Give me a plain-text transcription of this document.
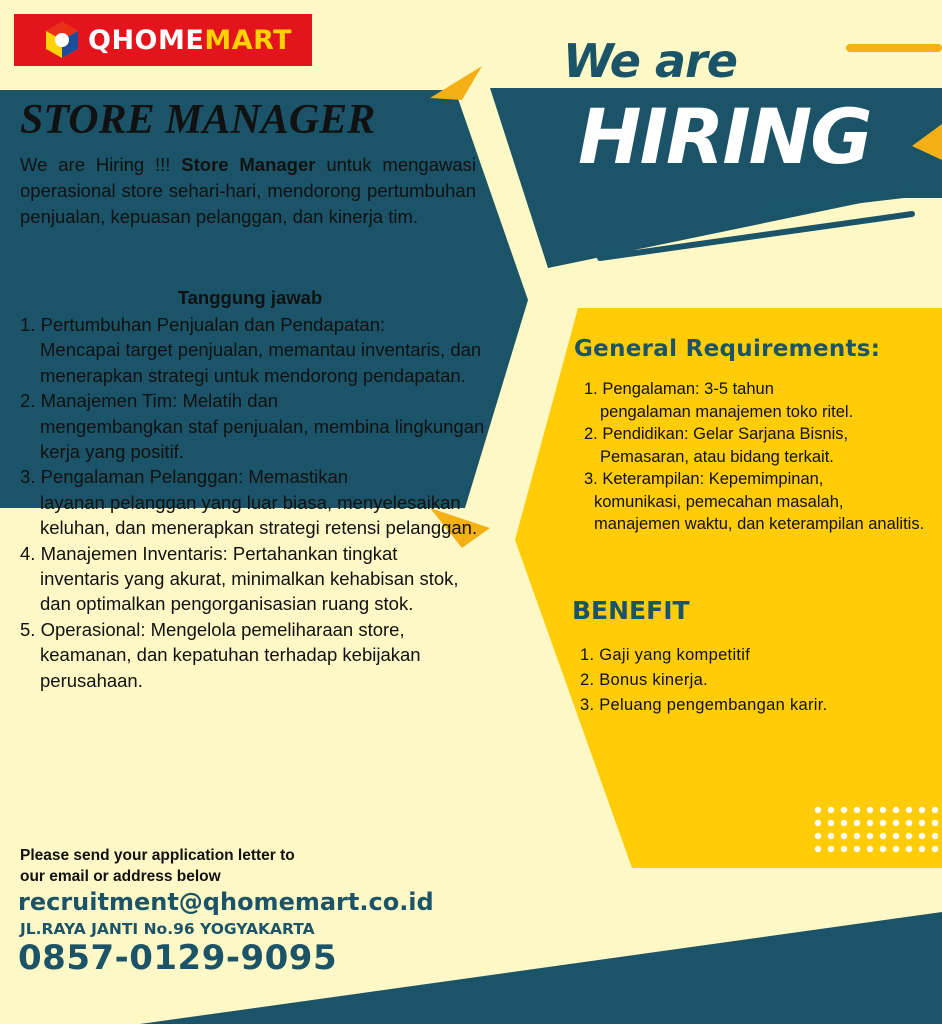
QHOMEMART	We are
HIRING
STORE MANAGER
We are Hiring !!! Store Manager untuk mengawasi operasional store sehari-hari, mendorong pertumbuhan penjualan, kepuasan pelanggan, dan kinerja tim.
Tanggung jawab
1. Pertumbuhan Penjualan dan Pendapatan:
Mencapai target penjualan, memantau inventaris, dan menerapkan strategi untuk mendorong pendapatan.
2. Manajemen Tim: Melatih dan
mengembangkan staf penjualan, membina lingkungan kerja yang positif.
3. Pengalaman Pelanggan: Memastikan
layanan pelanggan yang luar biasa, menyelesaikan keluhan, dan menerapkan strategi retensi pelanggan.
4. Manajemen Inventaris: Pertahankan tingkat
inventaris yang akurat, minimalkan kehabisan stok, dan optimalkan pengorganisasian ruang stok.
5. Operasional: Mengelola pemeliharaan store,
keamanan, dan kepatuhan terhadap kebijakan perusahaan.
General Requirements:
1. Pengalaman: 3-5 tahun
pengalaman manajemen toko ritel.
2. Pendidikan: Gelar Sarjana Bisnis,
Pemasaran, atau bidang terkait.
3. Keterampilan: Kepemimpinan,
komunikasi, pemecahan masalah, manajemen waktu, dan keterampilan analitis.
BENEFIT
1. Gaji yang kompetitif
2. Bonus kinerja.
3. Peluang pengembangan karir.
Please send your application letter to
our email or address below
recruitment@qhomemart.co.id
JL.RAYA JANTI No.96 YOGYAKARTA
0857-0129-9095
